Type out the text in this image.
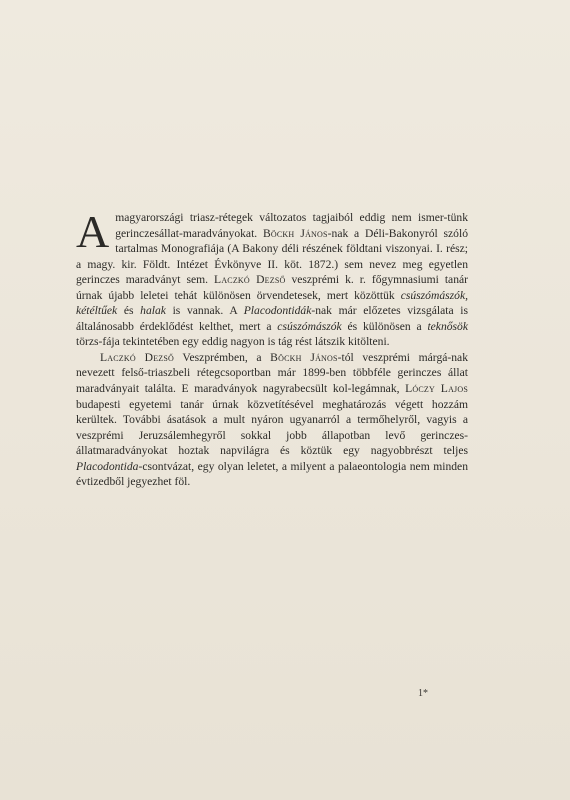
Amagyarországi triasz-rétegek változatos tagjaiból eddig nem ismer-tünk gerinczesállat-maradványokat. Böckh János-nak a Déli-Bakonyról szóló tartalmas Monografiája (A Bakony déli részének földtani viszonyai. I. rész; a magy. kir. Földt. Intézet Évkönyve II. köt. 1872.) sem nevez meg egyetlen gerinczes maradványt sem. Laczkó Dezső veszprémi k. r. főgymnasiumi tanár úrnak újabb leletei tehát különösen örvendetesek, mert közöttük csúszómászók, kétéltűek és halak is vannak. A Placodontidák-nak már előzetes vizsgálata is általánosabb érdeklődést kelthet, mert a csúszómászók és különösen a teknősök törzs-fája tekintetében egy eddig nagyon is tág rést látszik kitölteni.

Laczkó Dezső Veszprémben, a Böckh János-tól veszprémi márgá-nak nevezett felső-triaszbeli rétegcsoportban már 1899-ben többféle gerinczes állat maradványait találta. E maradványok nagyrabecsült kol-legámnak, Lóczy Lajos budapesti egyetemi tanár úrnak közvetítésével meghatározás végett hozzám kerültek. További ásatások a mult nyáron ugyanarról a termőhelyről, vagyis a veszprémi Jeruzsálemhegyről sokkal jobb állapotban levő gerinczes-állatmaradványokat hoztak napvilágra és köztük egy nagyobbrészt teljes Placodontida-csontvázat, egy olyan leletet, a milyent a palaeontologia nem minden évtizedből jegyezhet föl.

1*
